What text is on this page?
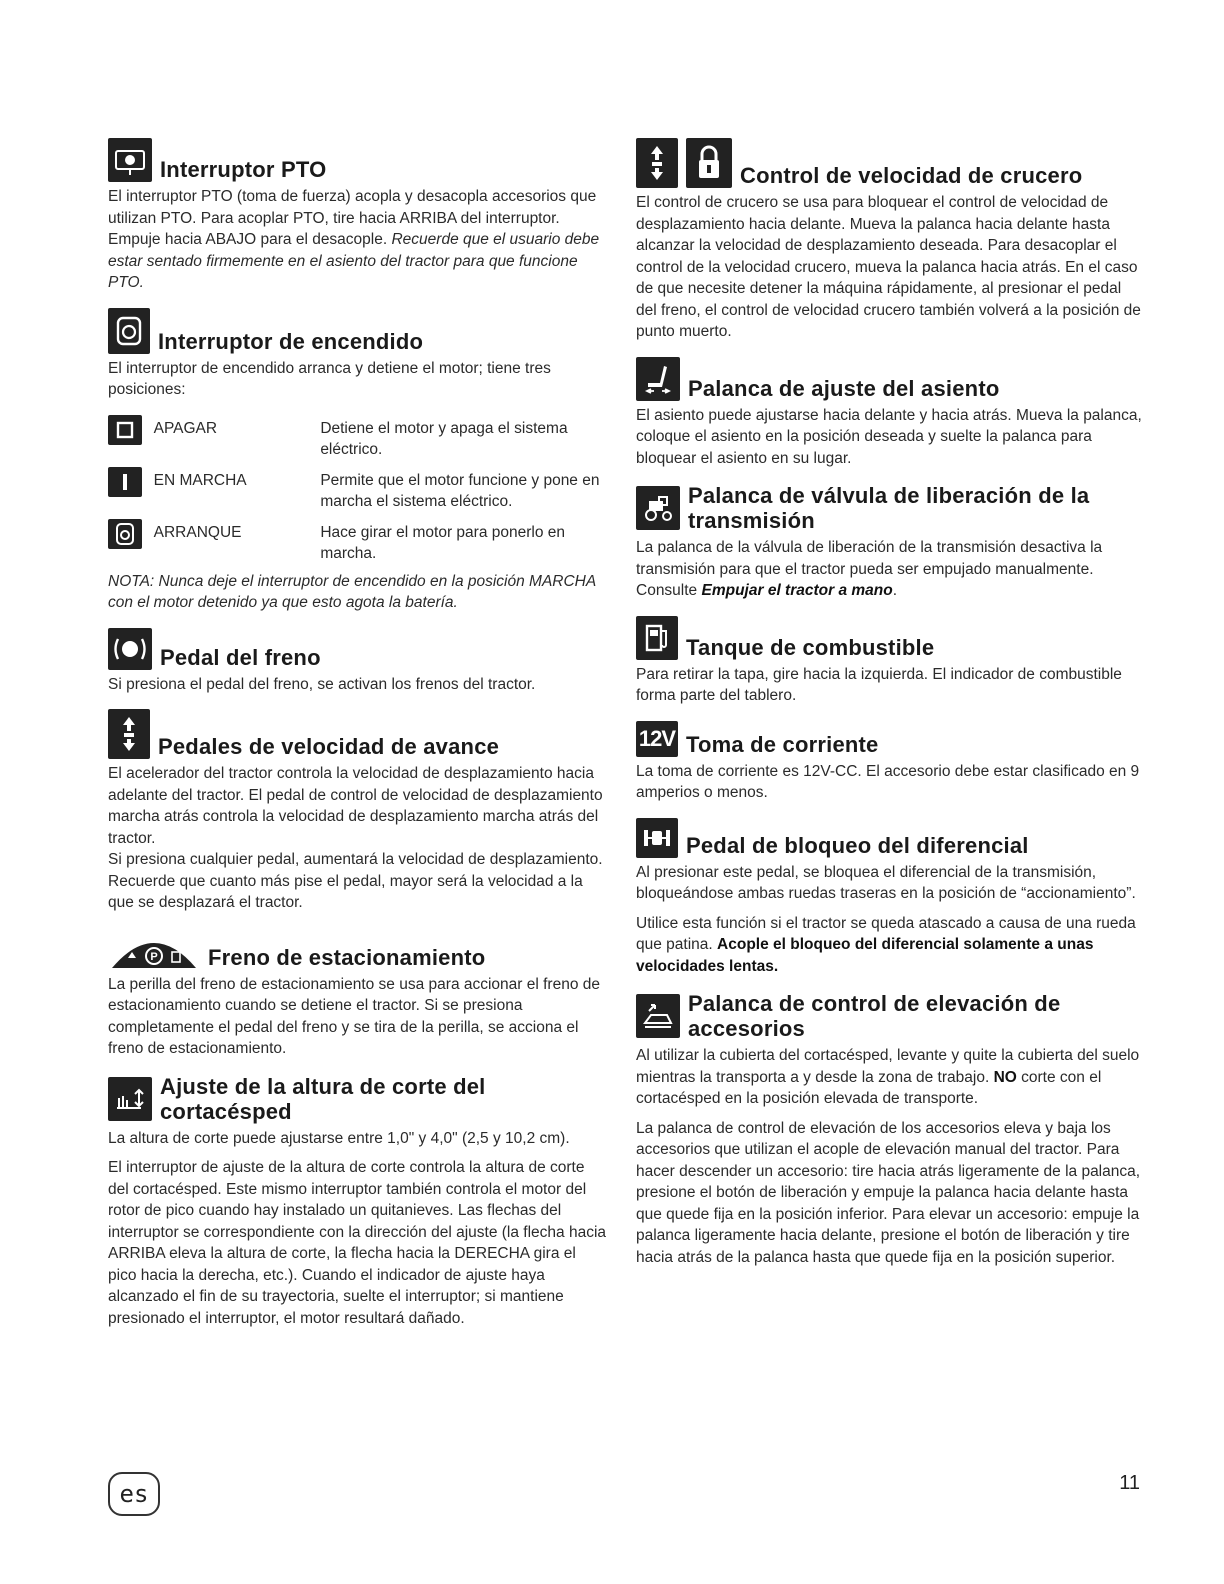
Interruptor PTO

El interruptor PTO (toma de fuerza) acopla y desacopla accesorios que utilizan PTO. Para acoplar PTO, tire hacia ARRIBA del interruptor. Empuje hacia ABAJO para el desacople. Recuerde que el usuario debe estar sentado firmemente en el asiento del tractor para que funcione PTO.

Interruptor de encendido

El interruptor de encendido arranca y detiene el motor; tiene tres posiciones:

APAGAR	Detiene el motor y apaga el sistema eléctrico.
EN MARCHA	Permite que el motor funcione y pone en marcha el sistema eléctrico.
ARRANQUE	Hace girar el motor para ponerlo en marcha.

NOTA: Nunca deje el interruptor de encendido en la posición MARCHA con el motor detenido ya que esto agota la batería.

Pedal del freno

Si presiona el pedal del freno, se activan los frenos del tractor.

Pedales de velocidad de avance

El acelerador del tractor controla la velocidad de desplazamiento hacia adelante del tractor. El pedal de control de velocidad de desplazamiento marcha atrás controla la velocidad de desplazamiento marcha atrás del tractor.

Si presiona cualquier pedal, aumentará la velocidad de desplazamiento. Recuerde que cuanto más pise el pedal, mayor será la velocidad a la que se desplazará el tractor.

P Freno de estacionamiento

La perilla del freno de estacionamiento se usa para accionar el freno de estacionamiento cuando se detiene el tractor. Si se presiona completamente el pedal del freno y se tira de la perilla, se acciona el freno de estacionamiento.

Ajuste de la altura de corte del cortacésped

La altura de corte puede ajustarse entre 1,0" y 4,0" (2,5 y 10,2 cm).

El interruptor de ajuste de la altura de corte controla la altura de corte del cortacésped. Este mismo interruptor también controla el motor del rotor de pico cuando hay instalado un quitanieves. Las flechas del interruptor se correspondiente con la dirección del ajuste (la flecha hacia ARRIBA eleva la altura de corte, la flecha hacia la DERECHA gira el pico hacia la derecha, etc.). Cuando el indicador de ajuste haya alcanzado el fin de su trayectoria, suelte el interruptor; si mantiene presionado el interruptor, el motor resultará dañado.

Control de velocidad de crucero

El control de crucero se usa para bloquear el control de velocidad de desplazamiento hacia delante. Mueva la palanca hacia delante hasta alcanzar la velocidad de desplazamiento deseada. Para desacoplar el control de la velocidad crucero, mueva la palanca hacia atrás. En el caso de que necesite detener la máquina rápidamente, al presionar el pedal del freno, el control de velocidad crucero también volverá a la posición de punto muerto.

Palanca de ajuste del asiento

El asiento puede ajustarse hacia delante y hacia atrás. Mueva la palanca, coloque el asiento en la posición deseada y suelte la palanca para bloquear el asiento en su lugar.

Palanca de válvula de liberación de la transmisión

La palanca de la válvula de liberación de la transmisión desactiva la transmisión para que el tractor pueda ser empujado manualmente. Consulte Empujar el tractor a mano.

Tanque de combustible

Para retirar la tapa, gire hacia la izquierda. El indicador de combustible forma parte del tablero.

12V Toma de corriente

La toma de corriente es 12V-CC. El accesorio debe estar clasificado en 9 amperios o menos.

Pedal de bloqueo del diferencial

Al presionar este pedal, se bloquea el diferencial de la transmisión, bloqueándose ambas ruedas traseras en la posición de “accionamiento”.

Utilice esta función si el tractor se queda atascado a causa de una rueda que patina. Acople el bloqueo del diferencial solamente a unas velocidades lentas.

Palanca de control de elevación de accesorios

Al utilizar la cubierta del cortacésped, levante y quite la cubierta del suelo mientras la transporta a y desde la zona de trabajo. NO corte con el cortacésped en la posición elevada de transporte.

La palanca de control de elevación de los accesorios eleva y baja los accesorios que utilizan el acople de elevación manual del tractor. Para hacer descender un accesorio: tire hacia atrás ligeramente de la palanca, presione el botón de liberación y empuje la palanca hacia delante hasta que quede fija en la posición inferior. Para elevar un accesorio: empuje la palanca ligeramente hacia delante, presione el botón de liberación y tire hacia atrás de la palanca hasta que quede fija en la posición superior.

es	11
